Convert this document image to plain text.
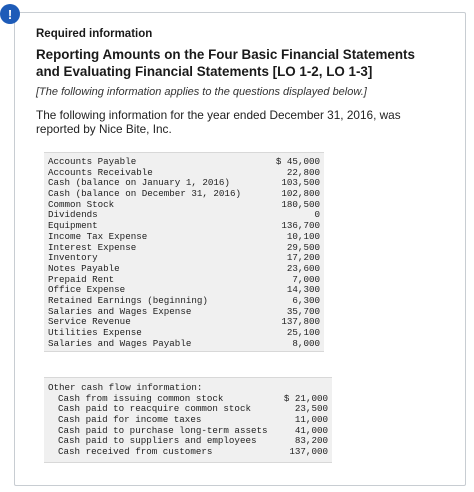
!
Required information
Reporting Amounts on the Four Basic Financial Statements and Evaluating Financial Statements [LO 1-2, LO 1-3]
[The following information applies to the questions displayed below.]
The following information for the year ended December 31, 2016, was reported by Nice Bite, Inc.
Accounts Payable	$ 45,000
Accounts Receivable	22,800
Cash (balance on January 1, 2016)	103,500
Cash (balance on December 31, 2016)	102,800
Common Stock	180,500
Dividends	0
Equipment	136,700
Income Tax Expense	10,100
Interest Expense	29,500
Inventory	17,200
Notes Payable	23,600
Prepaid Rent	7,000
Office Expense	14,300
Retained Earnings (beginning)	6,300
Salaries and Wages Expense	35,700
Service Revenue	137,800
Utilities Expense	25,100
Salaries and Wages Payable	8,000
Other cash flow information:
Cash from issuing common stock	$ 21,000
Cash paid to reacquire common stock	23,500
Cash paid for income taxes	11,000
Cash paid to purchase long-term assets	41,000
Cash paid to suppliers and employees	83,200
Cash received from customers	137,000
